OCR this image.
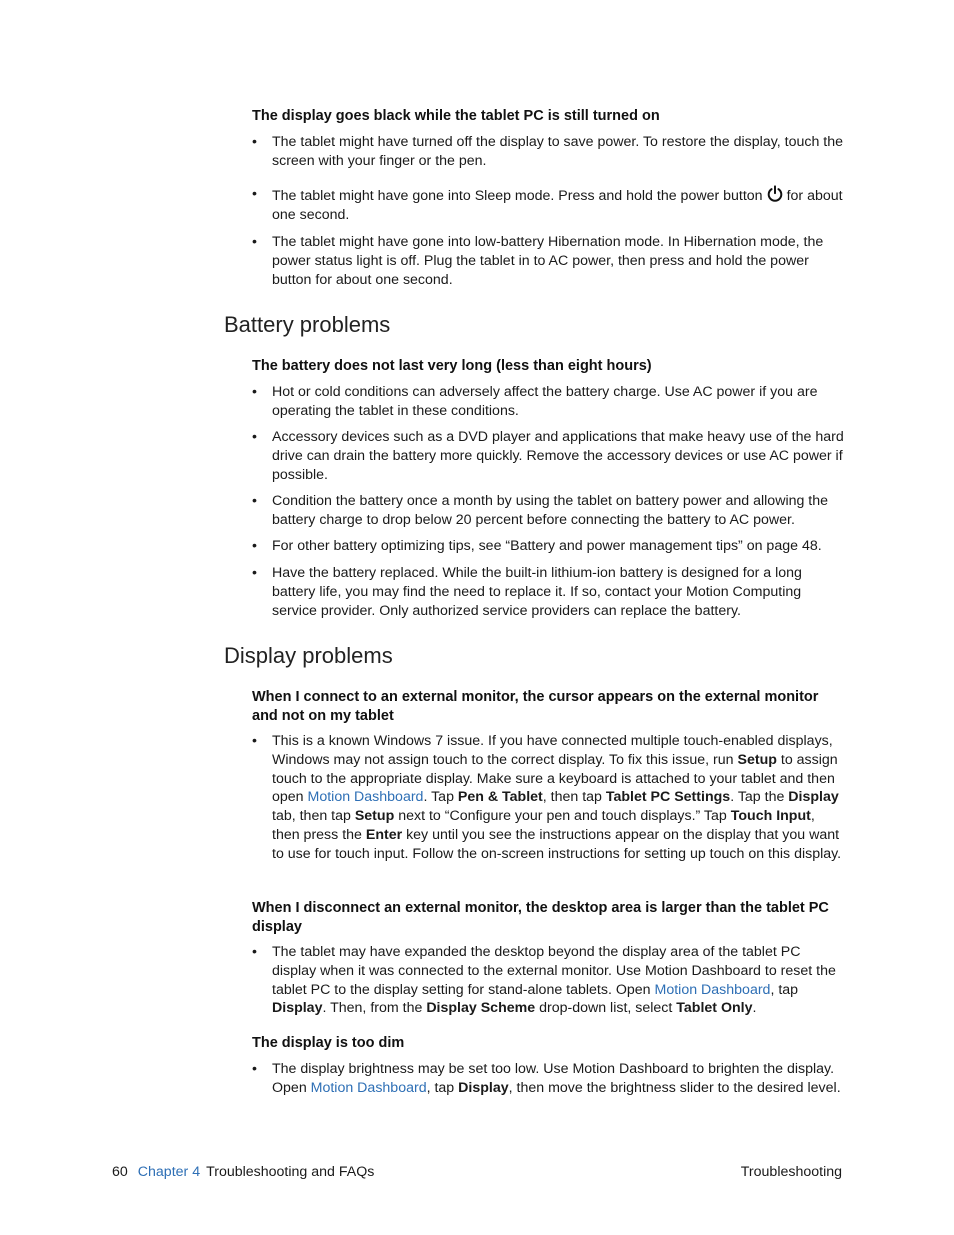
The display goes black while the tablet PC is still turned on

•	The tablet might have turned off the display to save power. To restore the display, touch the screen with your finger or the pen.

•	The tablet might have gone into Sleep mode. Press and hold the power button for about one second.

•	The tablet might have gone into low-battery Hibernation mode. In Hibernation mode, the power status light is off. Plug the tablet in to AC power, then press and hold the power button for about one second.

Battery problems
The battery does not last very long (less than eight hours)

•	Hot or cold conditions can adversely affect the battery charge. Use AC power if you are operating the tablet in these conditions.

•	Accessory devices such as a DVD player and applications that make heavy use of the hard drive can drain the battery more quickly. Remove the accessory devices or use AC power if possible.

•	Condition the battery once a month by using the tablet on battery power and allowing the battery charge to drop below 20 percent before connecting the battery to AC power.

•	For other battery optimizing tips, see “Battery and power management tips” on page 48.

•	Have the battery replaced. While the built-in lithium-ion battery is designed for a long battery life, you may find the need to replace it. If so, contact your Motion Computing service provider. Only authorized service providers can replace the battery.

Display problems
When I connect to an external monitor, the cursor appears on the external monitor and not on my tablet

•	This is a known Windows 7 issue. If you have connected multiple touch-enabled displays, Windows may not assign touch to the correct display. To fix this issue, run Setup to assign touch to the appropriate display. Make sure a keyboard is attached to your tablet and then open Motion Dashboard. Tap Pen & Tablet, then tap Tablet PC Settings. Tap the Display tab, then tap Setup next to “Configure your pen and touch displays.” Tap Touch Input, then press the Enter key until you see the instructions appear on the display that you want to use for touch input. Follow the on-screen instructions for setting up touch on this display.

When I disconnect an external monitor, the desktop area is larger than the tablet PC display

•	The tablet may have expanded the desktop beyond the display area of the tablet PC display when it was connected to the external monitor. Use Motion Dashboard to reset the tablet PC to the display setting for stand-alone tablets. Open Motion Dashboard, tap Display. Then, from the Display Scheme drop-down list, select Tablet Only.

The display is too dim

•	The display brightness may be set too low. Use Motion Dashboard to brighten the display. Open Motion Dashboard, tap Display, then move the brightness slider to the desired level.

60 Chapter 4 Troubleshooting and FAQs	Troubleshooting
